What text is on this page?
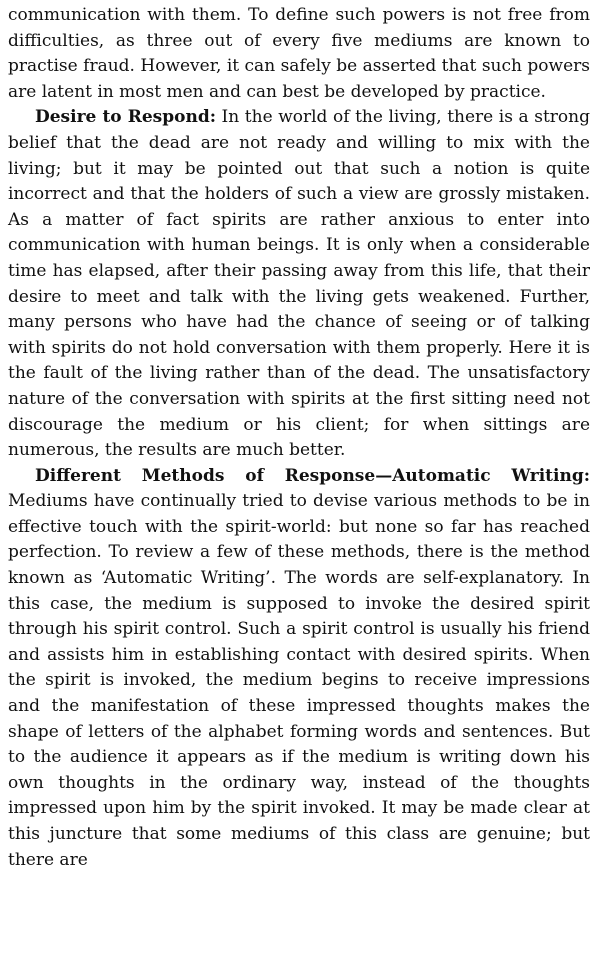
communication with them. To define such powers is not free from difficulties, as three out of every five mediums are known to practise fraud. However, it can safely be asserted that such powers are latent in most men and can best be developed by practice.

Desire to Respond: In the world of the living, there is a strong belief that the dead are not ready and willing to mix with the living; but it may be pointed out that such a notion is quite incorrect and that the holders of such a view are grossly mistaken. As a matter of fact spirits are rather anxious to enter into communication with human beings. It is only when a considerable time has elapsed, after their passing away from this life, that their desire to meet and talk with the living gets weakened. Further, many persons who have had the chance of seeing or of talking with spirits do not hold conversation with them properly. Here it is the fault of the living rather than of the dead. The unsatisfactory nature of the conversation with spirits at the first sitting need not discourage the medium or his client; for when sittings are numerous, the results are much better.

Different Methods of Response—Automatic Writing: Mediums have continually tried to devise various methods to be in effective touch with the spirit-world: but none so far has reached perfection. To review a few of these methods, there is the method known as ‘Automatic Writing’. The words are self-explanatory. In this case, the medium is supposed to invoke the desired spirit through his spirit control. Such a spirit control is usually his friend and assists him in establishing contact with desired spirits. When the spirit is invoked, the medium begins to receive impressions and the manifestation of these impressed thoughts makes the shape of letters of the alphabet forming words and sentences. But to the audience it appears as if the medium is writing down his own thoughts in the ordinary way, instead of the thoughts impressed upon him by the spirit invoked. It may be made clear at this juncture that some mediums of this class are genuine; but there are
